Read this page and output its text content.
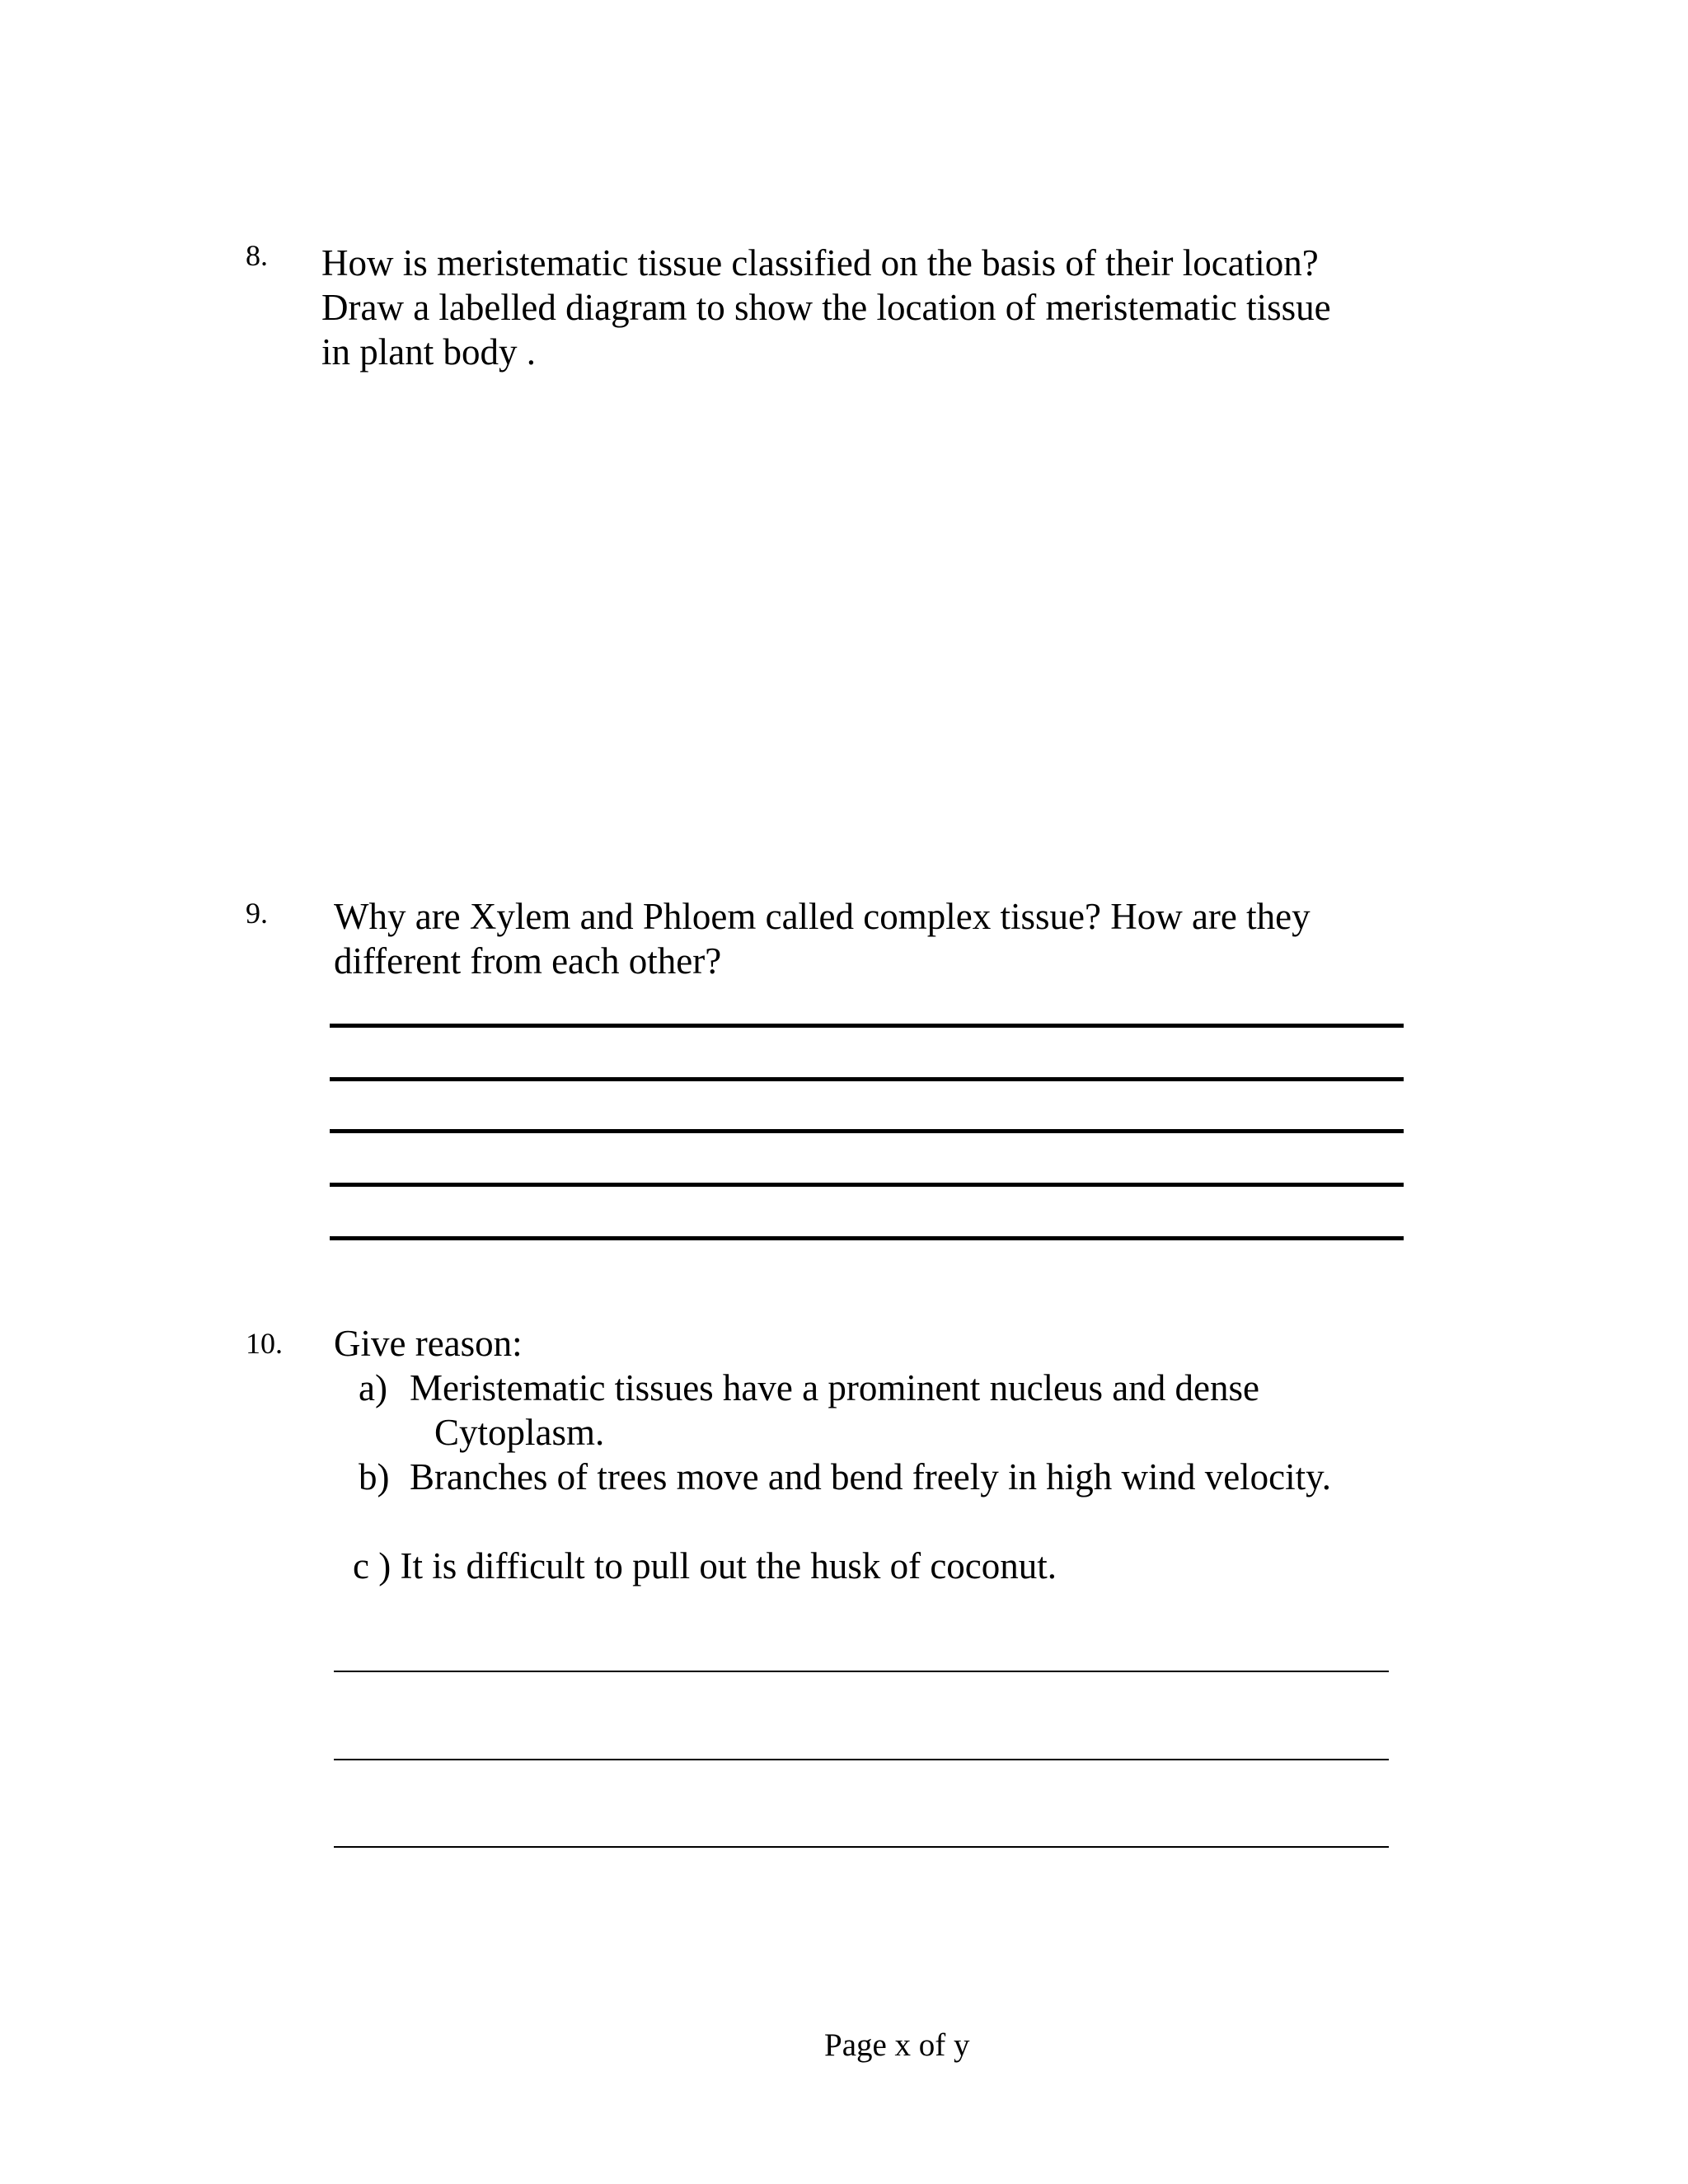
8. How is meristematic tissue classified on the basis of their location?
Draw a labelled diagram to show the location of meristematic tissue
in plant body .
9. Why are Xylem and Phloem called complex tissue? How are they
different from each other?
10. Give reason:
a) Meristematic tissues have a prominent nucleus and dense
Cytoplasm.
b) Branches of trees move and bend freely in high wind velocity.
c ) It is difficult to pull out the husk of coconut.
Page x of y
